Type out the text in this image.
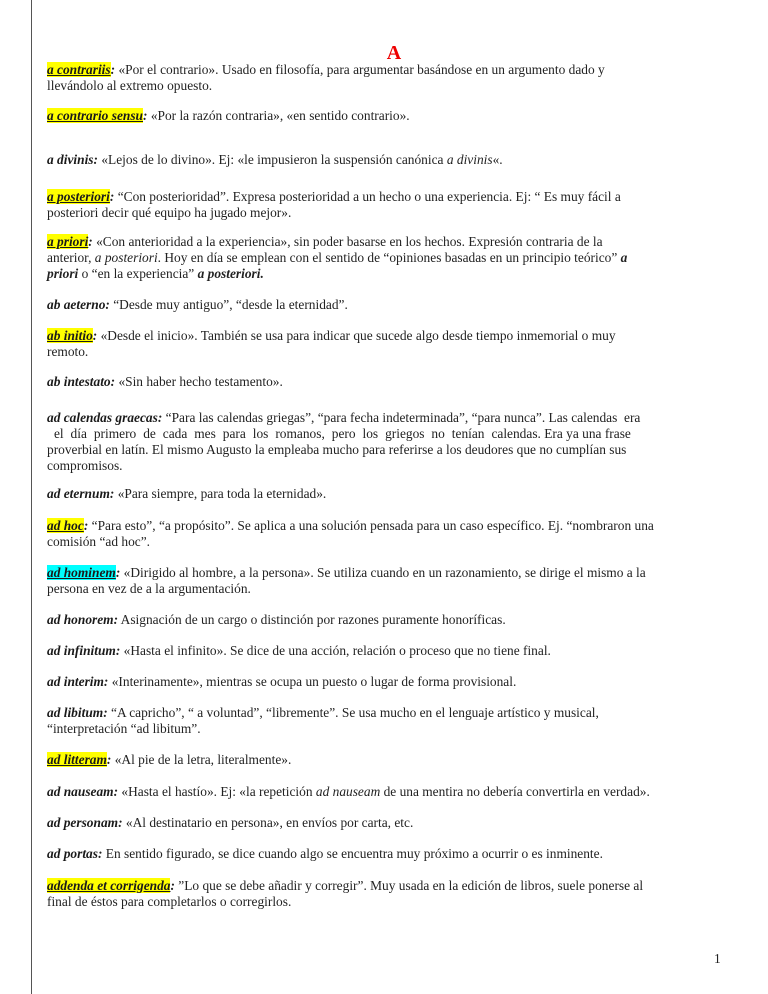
A
a contrariis: «Por el contrario». Usado en filosofía, para argumentar basándose en un argumento dado y
llevándolo al extremo opuesto.
a contrario sensu: «Por la razón contraria», «en sentido contrario».
a divinis: «Lejos de lo divino». Ej: «le impusieron la suspensión canónica a divinis«.
a posteriori: “Con posterioridad”. Expresa posterioridad a un hecho o una experiencia. Ej: “ Es muy fácil a
posteriori decir qué equipo ha jugado mejor».
a priori: «Con anterioridad a la experiencia», sin poder basarse en los hechos. Expresión contraria de la
anterior, a posteriori. Hoy en día se emplean con el sentido de “opiniones basadas en un principio teórico” a
priori o “en la experiencia” a posteriori.
ab aeterno: “Desde muy antiguo”, “desde la eternidad”.
ab initio: «Desde el inicio». También se usa para indicar que sucede algo desde tiempo inmemorial o muy
remoto.
ab intestato: «Sin haber hecho testamento».
ad calendas graecas: “Para las calendas griegas”, “para fecha indeterminada”, “para nunca”. Las calendas  era
el día primero de cada mes para los romanos, pero los griegos no tenían calendas. Era ya una frase
proverbial en latín. El mismo Augusto la empleaba mucho para referirse a los deudores que no cumplían sus
compromisos.
ad eternum: «Para siempre, para toda la eternidad».
ad hoc: “Para esto”, “a propósito”. Se aplica a una solución pensada para un caso específico. Ej. “nombraron una
comisión “ad hoc”.
ad hominem: «Dirigido al hombre, a la persona». Se utiliza cuando en un razonamiento, se dirige el mismo a la
persona en vez de a la argumentación.
ad honorem: Asignación de un cargo o distinción por razones puramente honoríficas.
ad infinitum: «Hasta el infinito». Se dice de una acción, relación o proceso que no tiene final.
ad interim: «Interinamente», mientras se ocupa un puesto o lugar de forma provisional.
ad libitum: “A capricho”, “ a voluntad”, “libremente”. Se usa mucho en el lenguaje artístico y musical,
“interpretación “ad libitum”.
ad litteram: «Al pie de la letra, literalmente».
ad nauseam: «Hasta el hastío». Ej: «la repetición ad nauseam de una mentira no debería convertirla en verdad».
ad personam: «Al destinatario en persona», en envíos por carta, etc.
ad portas: En sentido figurado, se dice cuando algo se encuentra muy próximo a ocurrir o es inminente.
addenda et corrigenda: ”Lo que se debe añadir y corregir”. Muy usada en la edición de libros, suele ponerse al
final de éstos para completarlos o corregirlos.
1
